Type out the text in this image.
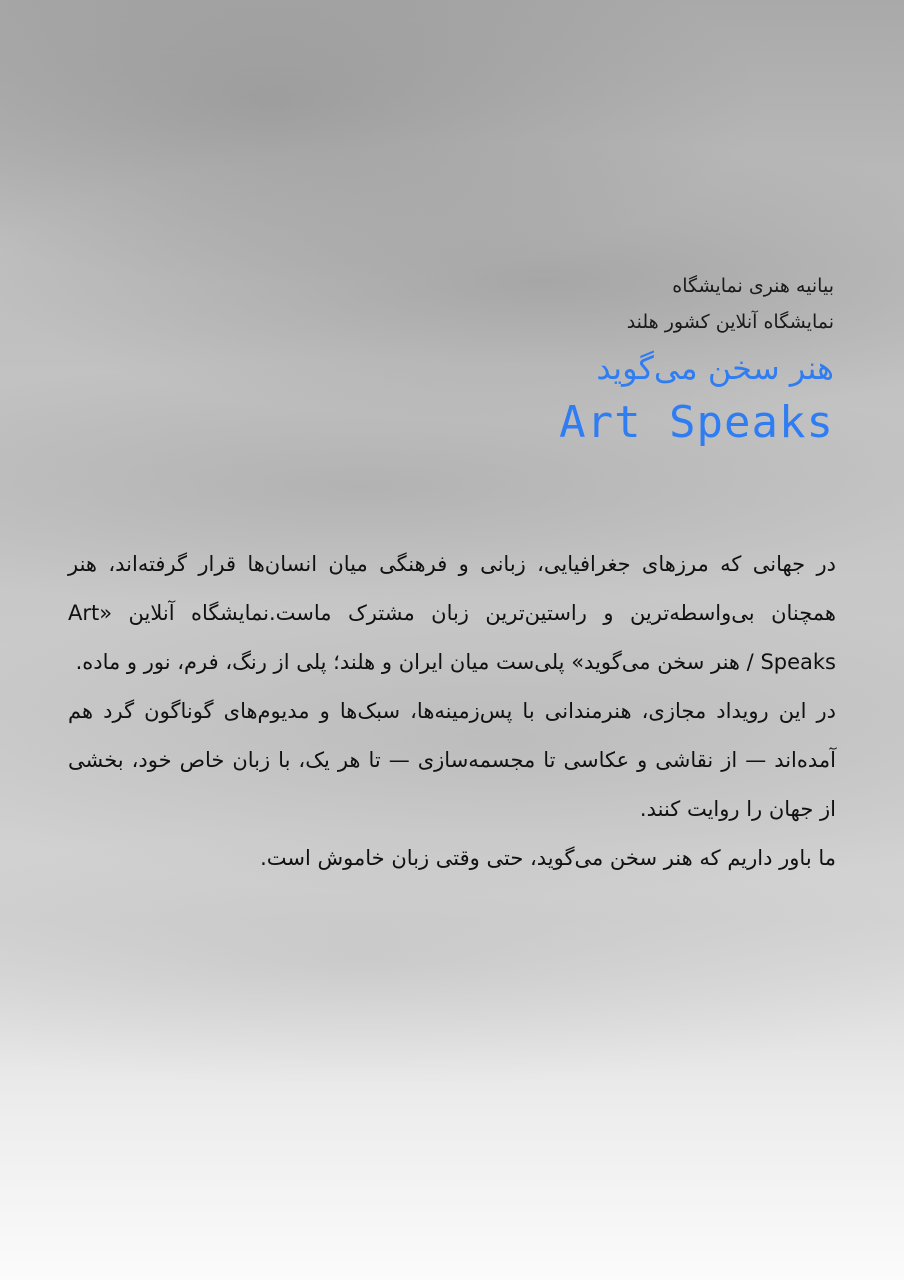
بیانیه هنری نمایشگاه
نمایشگاه آنلاین کشور هلند
هنر سخن می‌گوید
Art Speaks

در جهانی که مرزهای جغرافیایی، زبانی و فرهنگی میان انسان‌ها قرار گرفته‌اند، هنر همچنان بی‌واسطه‌ترین و راستین‌ترین زبان مشترک ماست.نمایشگاه آنلاین «Art Speaks / هنر سخن می‌گوید» پلی‌ست میان ایران و هلند؛ پلی از رنگ، فرم، نور و ماده.

در این رویداد مجازی، هنرمندانی با پس‌زمینه‌ها، سبک‌ها و مدیوم‌های گوناگون گرد هم آمده‌اند — از نقاشی و عکاسی تا مجسمه‌سازی — تا هر یک، با زبان خاص خود، بخشی از جهان را روایت کنند.

ما باور داریم که هنر سخن می‌گوید، حتی وقتی زبان خاموش است.
